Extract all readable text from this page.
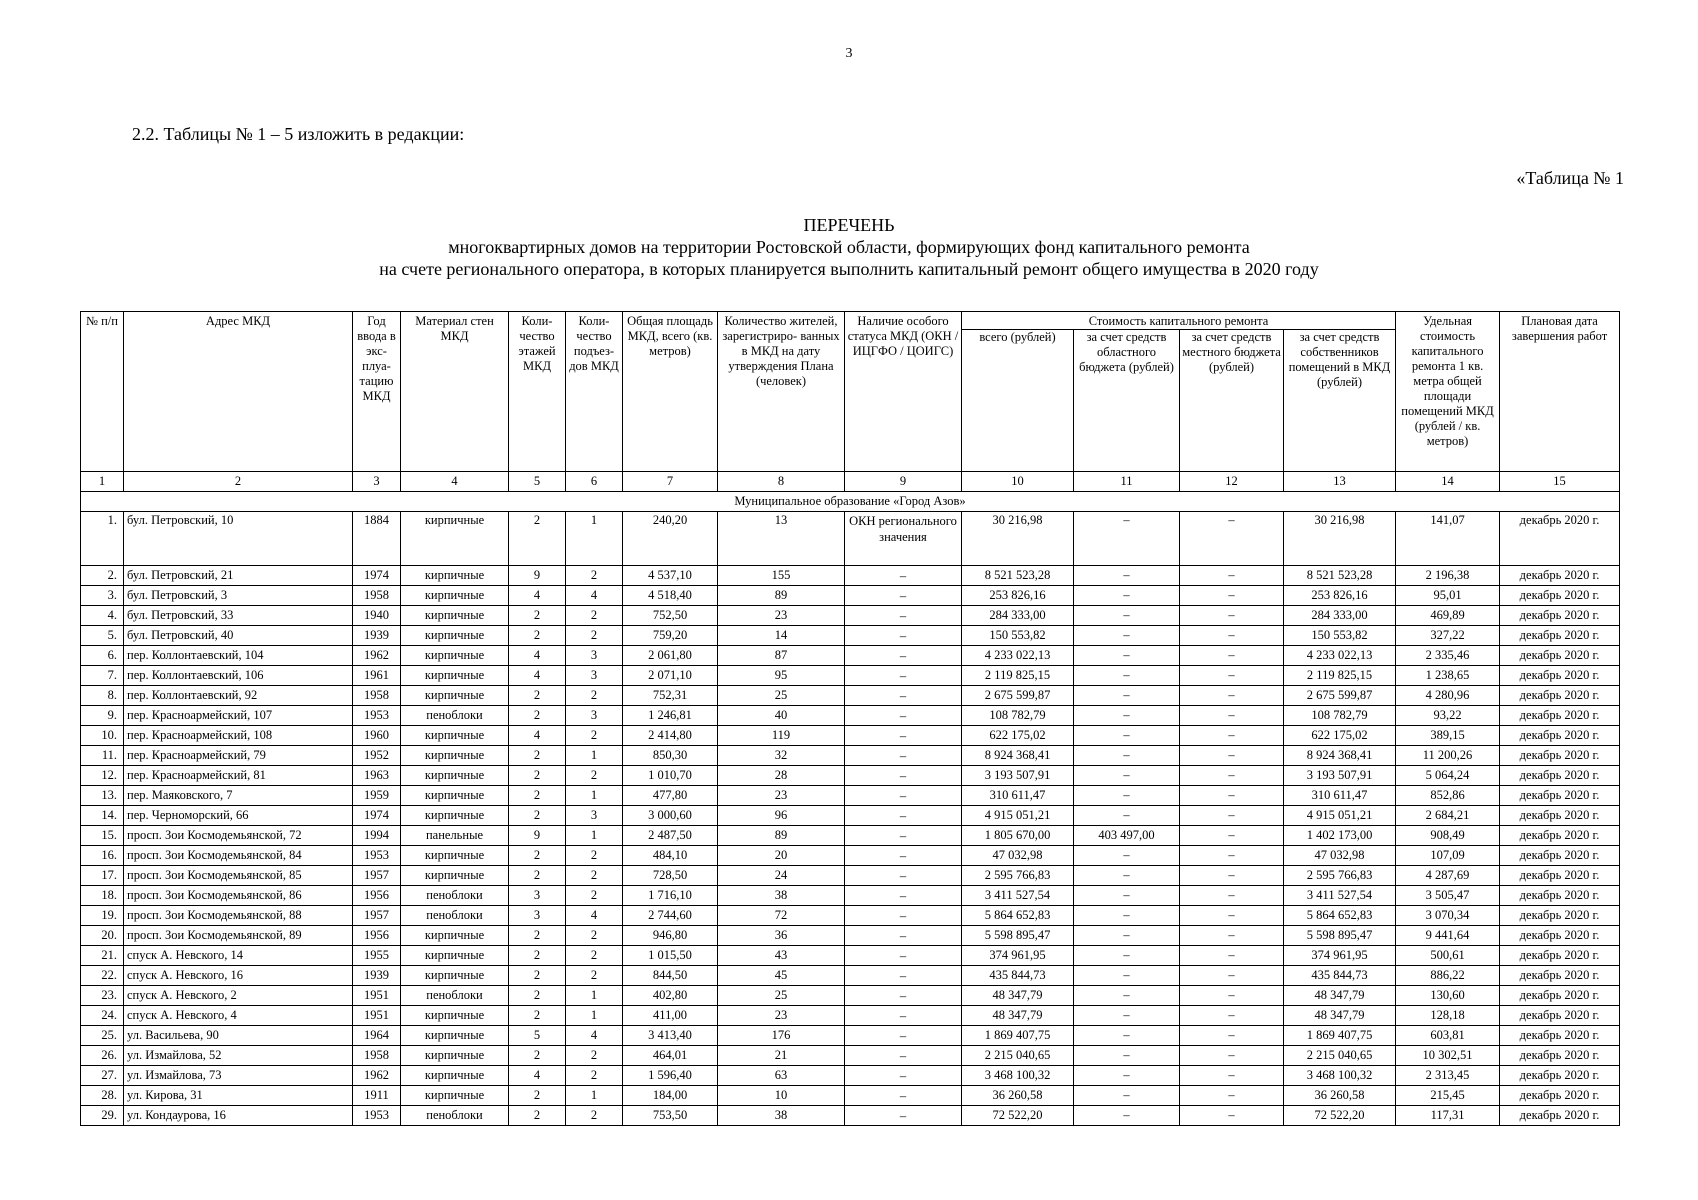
3
2.2. Таблицы № 1 – 5 изложить в редакции:
«Таблица № 1
ПЕРЕЧЕНЬ
многоквартирных домов на территории Ростовской области, формирующих фонд капитального ремонта
на счете регионального оператора, в которых планируется выполнить капитальный ремонт общего имущества в 2020 году
№ п/п	Адрес МКД	Год ввода в экс- плуа- тацию МКД	Материал стен МКД	Коли- чество этажей МКД	Коли- чество подъез- дов МКД	Общая площадь МКД, всего (кв. метров)	Количество жителей, зарегистриро- ванных в МКД на дату утверждения Плана (человек)	Наличие особого статуса МКД (ОКН / ИЦГФО / ЦОИГС)	Стоимость капитального ремонта				Удельная стоимость капитального ремонта 1 кв. метра общей площади помещений МКД (рублей / кв. метров)	Плановая дата завершения работ
									всего (рублей)	за счет средств областного бюджета (рублей)	за счет средств местного бюджета (рублей)	за счет средств собственников помещений в МКД (рублей)		
1	2	3	4	5	6	7	8	9	10	11	12	13	14	15
Муниципальное образование «Город Азов»														
1.	бул. Петровский, 10	1884	кирпичные	2	1	240,20	13	ОКН регионального значения	30 216,98	–	–	30 216,98	141,07	декабрь 2020 г.
2.	бул. Петровский, 21	1974	кирпичные	9	2	4 537,10	155	–	8 521 523,28	–	–	8 521 523,28	2 196,38	декабрь 2020 г.
3.	бул. Петровский, 3	1958	кирпичные	4	4	4 518,40	89	–	253 826,16	–	–	253 826,16	95,01	декабрь 2020 г.
4.	бул. Петровский, 33	1940	кирпичные	2	2	752,50	23	–	284 333,00	–	–	284 333,00	469,89	декабрь 2020 г.
5.	бул. Петровский, 40	1939	кирпичные	2	2	759,20	14	–	150 553,82	–	–	150 553,82	327,22	декабрь 2020 г.
6.	пер. Коллонтаевский, 104	1962	кирпичные	4	3	2 061,80	87	–	4 233 022,13	–	–	4 233 022,13	2 335,46	декабрь 2020 г.
7.	пер. Коллонтаевский, 106	1961	кирпичные	4	3	2 071,10	95	–	2 119 825,15	–	–	2 119 825,15	1 238,65	декабрь 2020 г.
8.	пер. Коллонтаевский, 92	1958	кирпичные	2	2	752,31	25	–	2 675 599,87	–	–	2 675 599,87	4 280,96	декабрь 2020 г.
9.	пер. Красноармейский, 107	1953	пеноблоки	2	3	1 246,81	40	–	108 782,79	–	–	108 782,79	93,22	декабрь 2020 г.
10.	пер. Красноармейский, 108	1960	кирпичные	4	2	2 414,80	119	–	622 175,02	–	–	622 175,02	389,15	декабрь 2020 г.
11.	пер. Красноармейский, 79	1952	кирпичные	2	1	850,30	32	–	8 924 368,41	–	–	8 924 368,41	11 200,26	декабрь 2020 г.
12.	пер. Красноармейский, 81	1963	кирпичные	2	2	1 010,70	28	–	3 193 507,91	–	–	3 193 507,91	5 064,24	декабрь 2020 г.
13.	пер. Маяковского, 7	1959	кирпичные	2	1	477,80	23	–	310 611,47	–	–	310 611,47	852,86	декабрь 2020 г.
14.	пер. Черноморский, 66	1974	кирпичные	2	3	3 000,60	96	–	4 915 051,21	–	–	4 915 051,21	2 684,21	декабрь 2020 г.
15.	просп. Зои Космодемьянской, 72	1994	панельные	9	1	2 487,50	89	–	1 805 670,00	403 497,00	–	1 402 173,00	908,49	декабрь 2020 г.
16.	просп. Зои Космодемьянской, 84	1953	кирпичные	2	2	484,10	20	–	47 032,98	–	–	47 032,98	107,09	декабрь 2020 г.
17.	просп. Зои Космодемьянской, 85	1957	кирпичные	2	2	728,50	24	–	2 595 766,83	–	–	2 595 766,83	4 287,69	декабрь 2020 г.
18.	просп. Зои Космодемьянской, 86	1956	пеноблоки	3	2	1 716,10	38	–	3 411 527,54	–	–	3 411 527,54	3 505,47	декабрь 2020 г.
19.	просп. Зои Космодемьянской, 88	1957	пеноблоки	3	4	2 744,60	72	–	5 864 652,83	–	–	5 864 652,83	3 070,34	декабрь 2020 г.
20.	просп. Зои Космодемьянской, 89	1956	кирпичные	2	2	946,80	36	–	5 598 895,47	–	–	5 598 895,47	9 441,64	декабрь 2020 г.
21.	спуск А. Невского, 14	1955	кирпичные	2	2	1 015,50	43	–	374 961,95	–	–	374 961,95	500,61	декабрь 2020 г.
22.	спуск А. Невского, 16	1939	кирпичные	2	2	844,50	45	–	435 844,73	–	–	435 844,73	886,22	декабрь 2020 г.
23.	спуск А. Невского, 2	1951	пеноблоки	2	1	402,80	25	–	48 347,79	–	–	48 347,79	130,60	декабрь 2020 г.
24.	спуск А. Невского, 4	1951	кирпичные	2	1	411,00	23	–	48 347,79	–	–	48 347,79	128,18	декабрь 2020 г.
25.	ул. Васильева, 90	1964	кирпичные	5	4	3 413,40	176	–	1 869 407,75	–	–	1 869 407,75	603,81	декабрь 2020 г.
26.	ул. Измайлова, 52	1958	кирпичные	2	2	464,01	21	–	2 215 040,65	–	–	2 215 040,65	10 302,51	декабрь 2020 г.
27.	ул. Измайлова, 73	1962	кирпичные	4	2	1 596,40	63	–	3 468 100,32	–	–	3 468 100,32	2 313,45	декабрь 2020 г.
28.	ул. Кирова, 31	1911	кирпичные	2	1	184,00	10	–	36 260,58	–	–	36 260,58	215,45	декабрь 2020 г.
29.	ул. Кондаурова, 16	1953	пеноблоки	2	2	753,50	38	–	72 522,20	–	–	72 522,20	117,31	декабрь 2020 г.
